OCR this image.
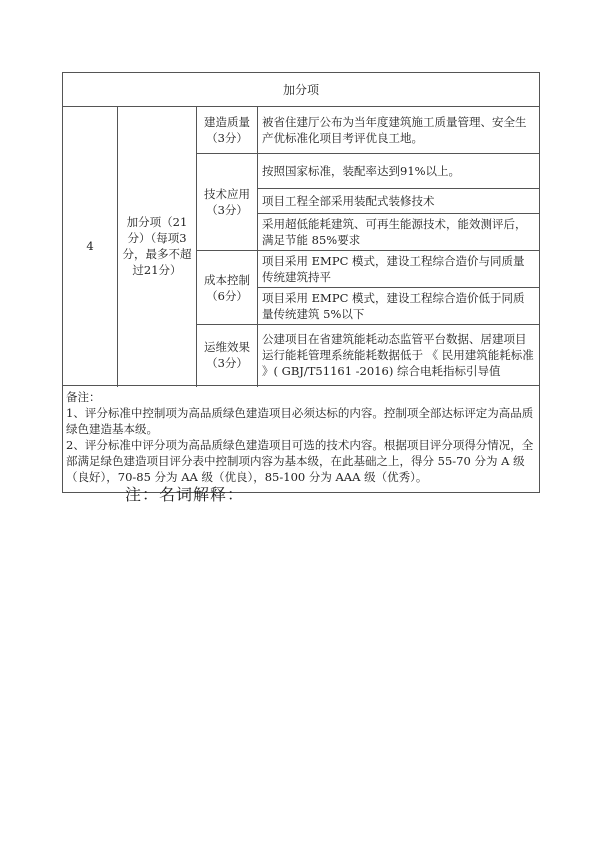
加分项			
4	加分项（21分）（每项3分，最多不超过21分）	建造质量（3分）	被省住建厅公布为当年度建筑施工质量管理、安全生产优标准化项目考评优良工地。
		技术应用（3分）	按照国家标准，装配率达到91%以上。
			项目工程全部采用装配式装修技术
			采用超低能耗建筑、可再生能源技术，能效测评后，满足节能 85%要求
		成本控制（6分）	项目采用 EMPC 模式，建设工程综合造价与同质量传统建筑持平
			项目采用 EMPC 模式，建设工程综合造价低于同质量传统建筑 5%以下
		运维效果（3分）	公建项目在省建筑能耗动态监管平台数据、居建项目运行能耗管理系统能耗数据低于 《 民用建筑能耗标准 》( GBJ/T51161 -2016) 综合电耗指标引导值

备注：
1、评分标准中控制项为高品质绿色建造项目必须达标的内容。控制项全部达标评定为高品质绿色建造基本级。
2、评分标准中评分项为高品质绿色建造项目可选的技术内容。根据项目评分项得分情况，全部满足绿色建造项目评分表中控制项内容为基本级，在此基础之上，得分 55-70 分为 A 级（良好），70-85 分为 AA 级（优良），85-100 分为 AAA 级（优秀）。			
注：名词解释：
